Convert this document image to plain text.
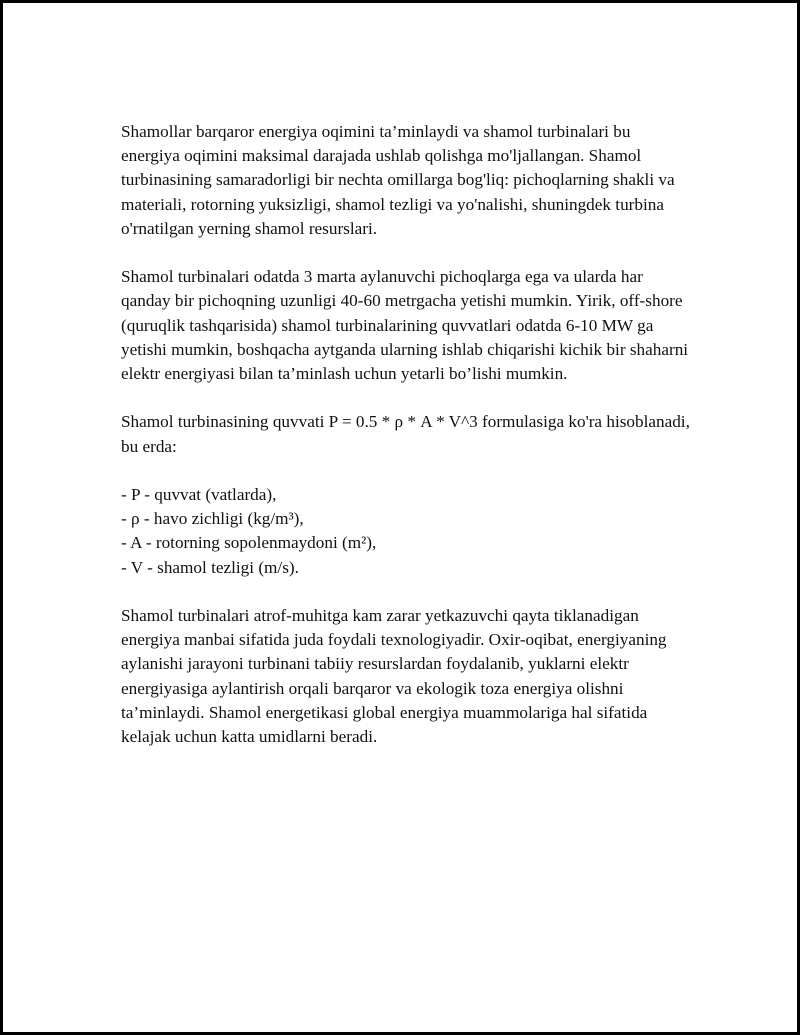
Shamollar barqaror energiya oqimini ta’minlaydi va shamol turbinalari bu energiya oqimini maksimal darajada ushlab qolishga mo'ljallangan. Shamol turbinasining samaradorligi bir nechta omillarga bog'liq: pichoqlarning shakli va materiali, rotorning yuksizligi, shamol tezligi va yo'nalishi, shuningdek turbina o'rnatilgan yerning shamol resurslari.

Shamol turbinalari odatda 3 marta aylanuvchi pichoqlarga ega va ularda har qanday bir pichoqning uzunligi 40-60 metrgacha yetishi mumkin. Yirik, off-shore (quruqlik tashqarisida) shamol turbinalarining quvvatlari odatda 6-10 MW ga yetishi mumkin, boshqacha aytganda ularning ishlab chiqarishi kichik bir shaharni elektr energiyasi bilan ta’minlash uchun yetarli bo’lishi mumkin.

Shamol turbinasining quvvati P = 0.5 * ρ * A * V^3 formulasiga ko'ra hisoblanadi, bu erda:

- P - quvvat (vatlarda),
- ρ - havo zichligi (kg/m³),
- A - rotorning sopolenmaydoni (m²),
- V - shamol tezligi (m/s).

Shamol turbinalari atrof-muhitga kam zarar yetkazuvchi qayta tiklanadigan energiya manbai sifatida juda foydali texnologiyadir. Oxir-oqibat, energiyaning aylanishi jarayoni turbinani tabiiy resurslardan foydalanib, yuklarni elektr energiyasiga aylantirish orqali barqaror va ekologik toza energiya olishni ta’minlaydi. Shamol energetikasi global energiya muammolariga hal sifatida kelajak uchun katta umidlarni beradi.
